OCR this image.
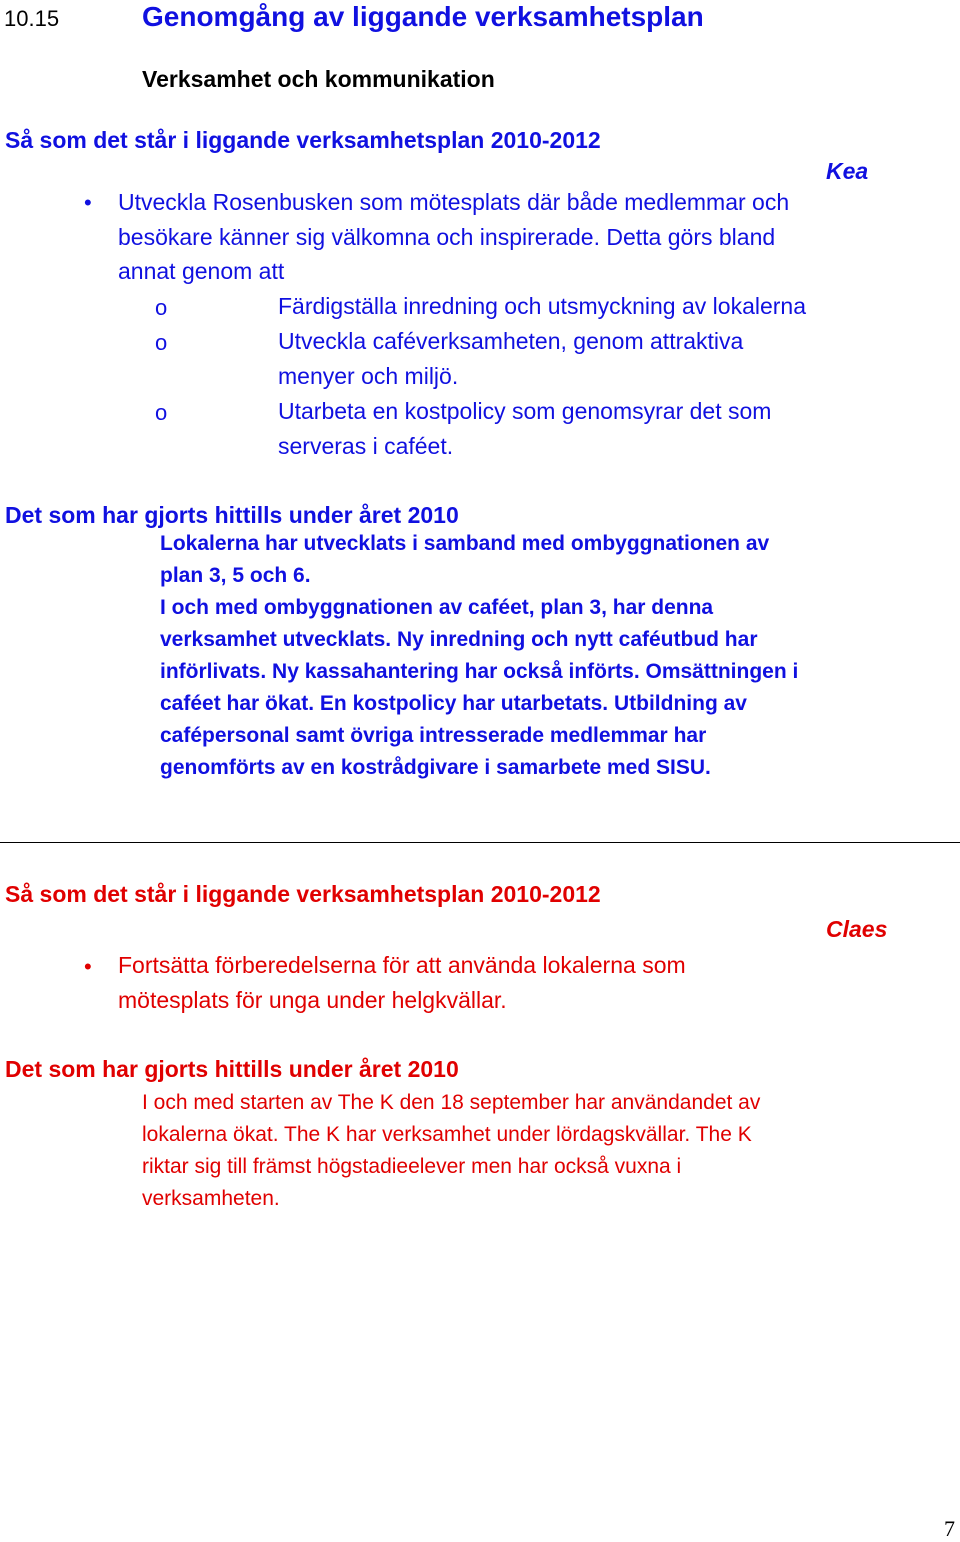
10.15	Genomgång av liggande verksamhetsplan
Verksamhet och kommunikation
Så som det står i liggande verksamhetsplan 2010-2012
Kea
• Utveckla Rosenbusken som mötesplats där både medlemmar och
besökare känner sig välkomna och inspirerade. Detta görs bland
annat genom att
o	Färdigställa inredning och utsmyckning av lokalerna
o	Utveckla caféverksamheten, genom attraktiva
menyer och miljö.
o	Utarbeta en kostpolicy som genomsyrar det som
serveras i caféet.
Det som har gjorts hittills under året 2010
Lokalerna har utvecklats i samband med ombyggnationen av
plan 3, 5 och 6.
I och med ombyggnationen av caféet, plan 3, har denna
verksamhet utvecklats. Ny inredning och nytt caféutbud har
införlivats. Ny kassahantering har också införts. Omsättningen i
caféet har ökat. En kostpolicy har utarbetats. Utbildning av
cafépersonal samt övriga intresserade medlemmar har
genomförts av en kostrådgivare i samarbete med SISU.
Så som det står i liggande verksamhetsplan 2010-2012
Claes
• Fortsätta förberedelserna för att använda lokalerna som
mötesplats för unga under helgkvällar.
Det som har gjorts hittills under året 2010
I och med starten av The K den 18 september har användandet av
lokalerna ökat. The K har verksamhet under lördagskvällar. The K
riktar sig till främst högstadieelever men har också vuxna i
verksamheten.
7
